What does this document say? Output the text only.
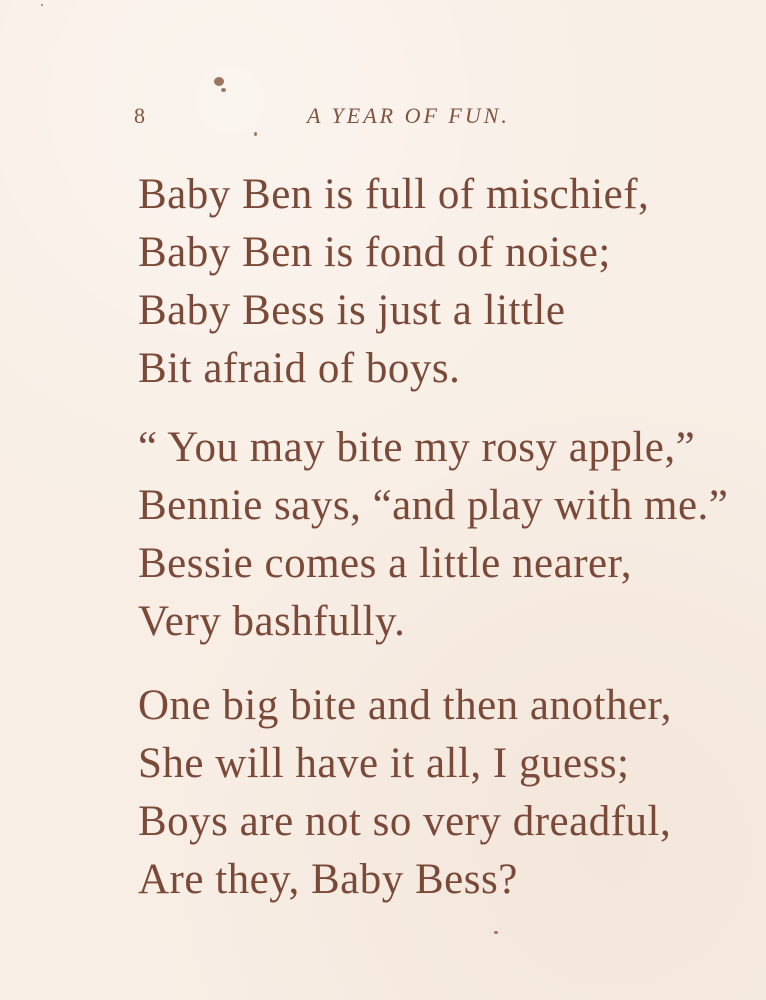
8	A YEAR OF FUN.
Baby Ben is full of mischief,
Baby Ben is fond of noise;
Baby Bess is just a little
Bit afraid of boys.
“ You may bite my rosy apple,”
Bennie says, “and play with me.”
Bessie comes a little nearer,
Very bashfully.
One big bite and then another,
She will have it all, I guess;
Boys are not so very dreadful,
Are they, Baby Bess?
